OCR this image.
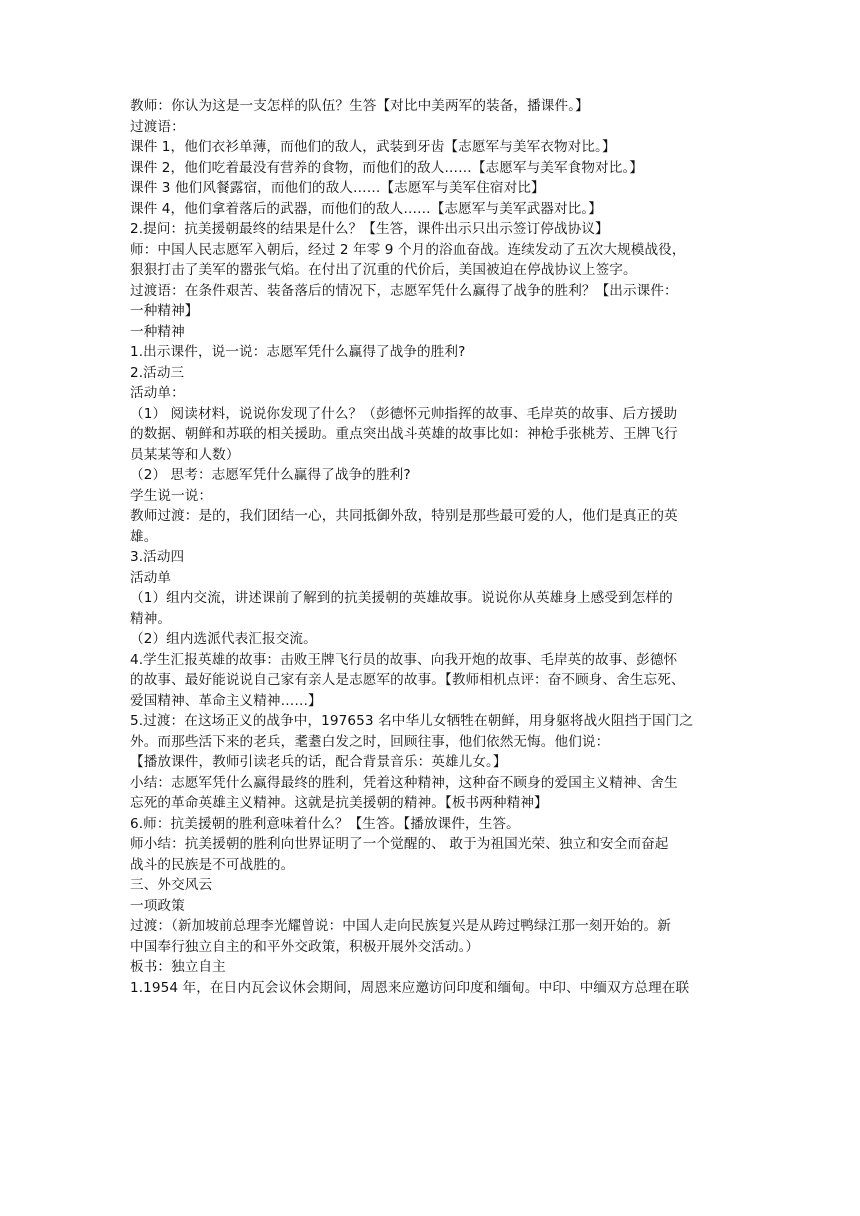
教师：你认为这是一支怎样的队伍？生答【对比中美两军的装备，播课件。】
过渡语：
课件 1，他们衣衫单薄，而他们的敌人，武装到牙齿【志愿军与美军衣物对比。】
课件 2，他们吃着最没有营养的食物，而他们的敌人……【志愿军与美军食物对比。】
课件 3 他们风餐露宿，而他们的敌人……【志愿军与美军住宿对比】
课件 4，他们拿着落后的武器，而他们的敌人……【志愿军与美军武器对比。】
2.提问：抗美援朝最终的结果是什么？【生答，课件出示只出示签订停战协议】
师：中国人民志愿军入朝后，经过 2 年零 9 个月的浴血奋战。连续发动了五次大规模战役，
狠狠打击了美军的嚣张气焰。在付出了沉重的代价后，美国被迫在停战协议上签字。
过渡语：在条件艰苦、装备落后的情况下，志愿军凭什么赢得了战争的胜利？【出示课件：
一种精神】
一种精神
1.出示课件，说一说：志愿军凭什么赢得了战争的胜利?
2.活动三
活动单：
（1） 阅读材料，说说你发现了什么？（彭德怀元帅指挥的故事、毛岸英的故事、后方援助
的数据、朝鲜和苏联的相关援助。重点突出战斗英雄的故事比如：神枪手张桃芳、王牌飞行
员某某等和人数）
（2） 思考：志愿军凭什么赢得了战争的胜利?
学生说一说：
教师过渡：是的，我们团结一心，共同抵御外敌，特别是那些最可爱的人，他们是真正的英
雄。
3.活动四
活动单
（1）组内交流，讲述课前了解到的抗美援朝的英雄故事。说说你从英雄身上感受到怎样的
精神。
（2）组内选派代表汇报交流。
4.学生汇报英雄的故事：击败王牌飞行员的故事、向我开炮的故事、毛岸英的故事、彭德怀
的故事、最好能说说自己家有亲人是志愿军的故事。【教师相机点评：奋不顾身、舍生忘死、
爱国精神、革命主义精神……】
5.过渡：在这场正义的战争中，197653 名中华儿女牺牲在朝鲜，用身躯将战火阻挡于国门之
外。而那些活下来的老兵，耄耋白发之时，回顾往事，他们依然无悔。他们说：
【播放课件，教师引读老兵的话，配合背景音乐：英雄儿女。】
小结：志愿军凭什么赢得最终的胜利，凭着这种精神，这种奋不顾身的爱国主义精神、舍生
忘死的革命英雄主义精神。这就是抗美援朝的精神。【板书两种精神】
6.师：抗美援朝的胜利意味着什么？【生答。【播放课件，生答。
师小结：抗美援朝的胜利向世界证明了一个觉醒的、 敢于为祖国光荣、独立和安全而奋起
战斗的民族是不可战胜的。
三、外交风云
一项政策
过渡：（新加坡前总理李光耀曾说：中国人走向民族复兴是从跨过鸭绿江那一刻开始的。新
中国奉行独立自主的和平外交政策，积极开展外交活动。）
板书：独立自主
1.1954 年，在日内瓦会议休会期间，周恩来应邀访问印度和缅甸。中印、中缅双方总理在联
